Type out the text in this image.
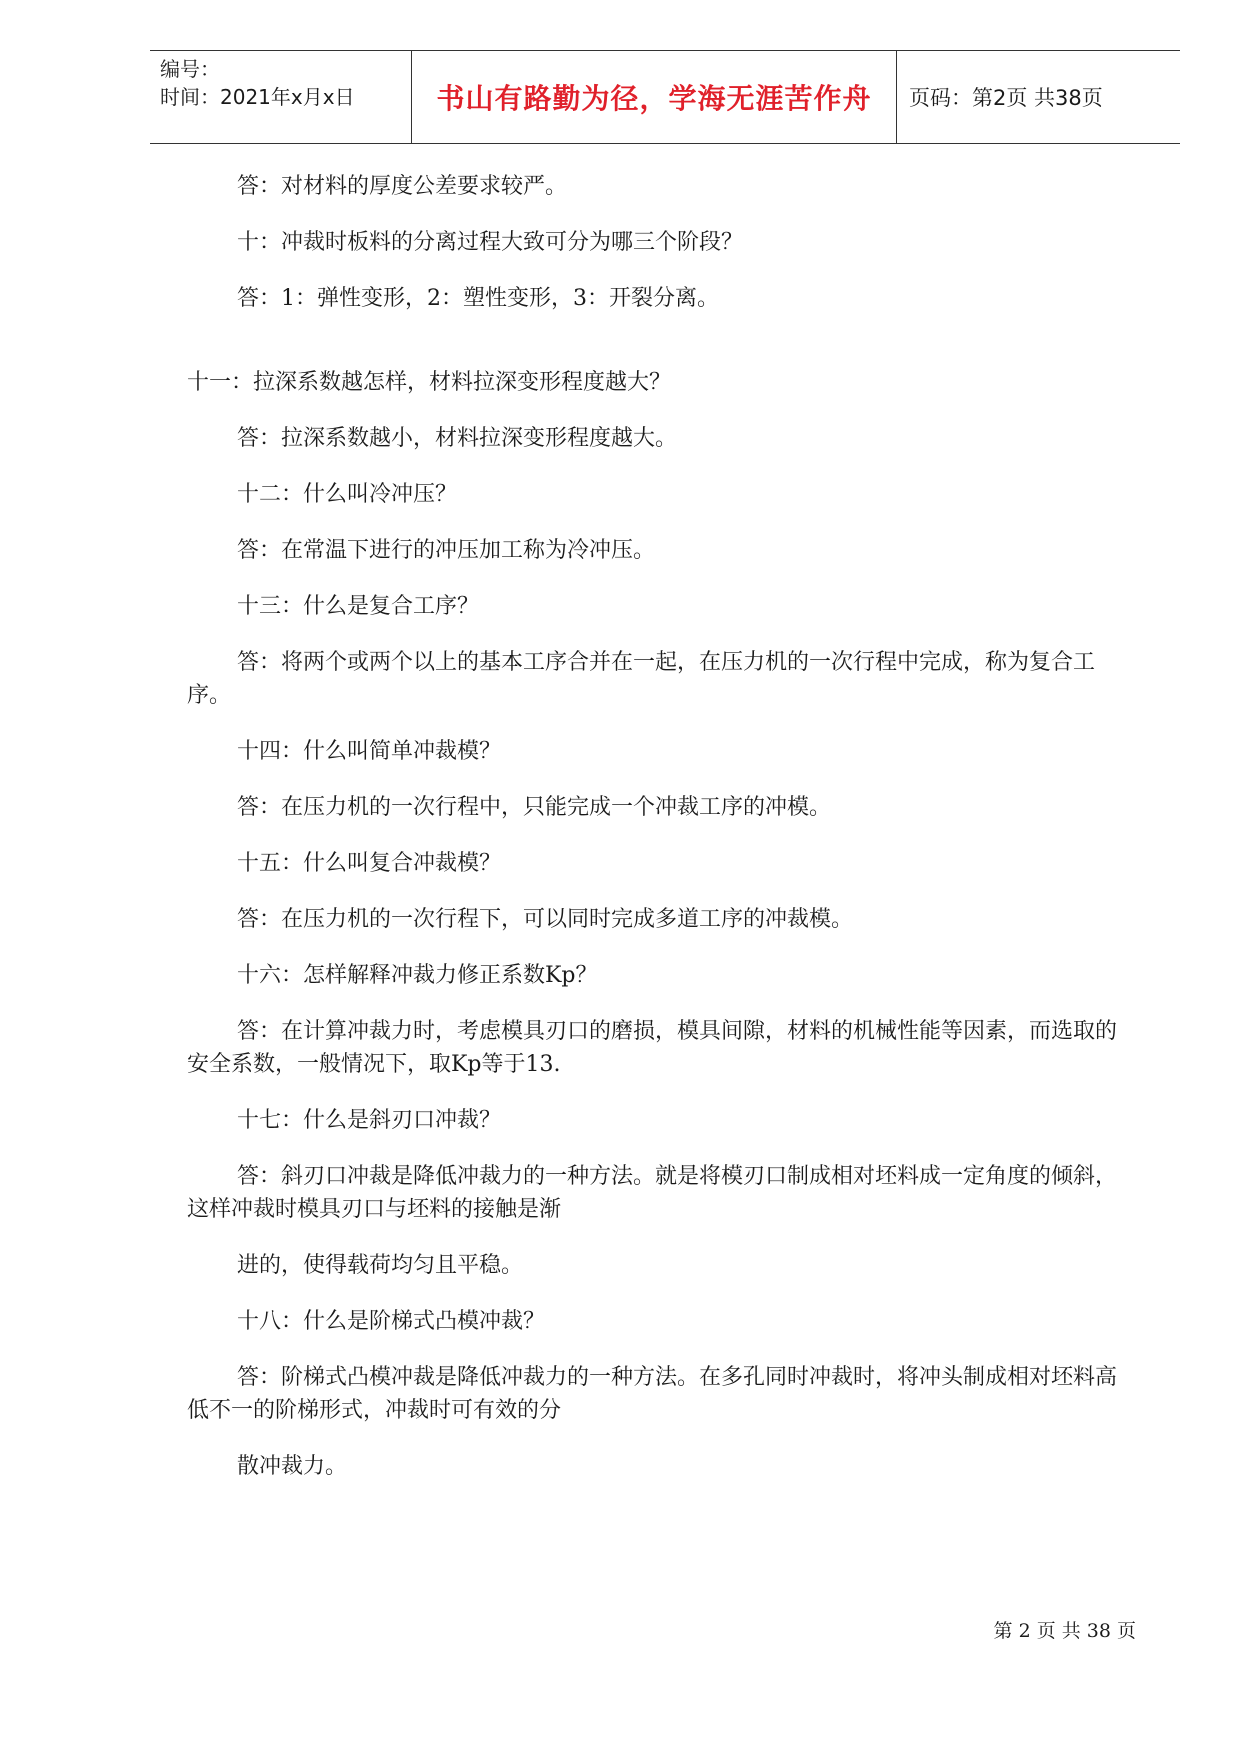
编号：
时间：2021年x月x日	书山有路勤为径，学海无涯苦作舟 页码：第2页 共38页

答：对材料的厚度公差要求较严。

十：冲裁时板料的分离过程大致可分为哪三个阶段？

答：1：弹性变形，2：塑性变形，3：开裂分离。

十一：拉深系数越怎样，材料拉深变形程度越大？

答：拉深系数越小，材料拉深变形程度越大。

十二：什么叫冷冲压？

答：在常温下进行的冲压加工称为冷冲压。

十三：什么是复合工序？

答：将两个或两个以上的基本工序合并在一起，在压力机的一次行程中完成，称为复合工序。

十四：什么叫简单冲裁模？

答：在压力机的一次行程中，只能完成一个冲裁工序的冲模。

十五：什么叫复合冲裁模？

答：在压力机的一次行程下，可以同时完成多道工序的冲裁模。

十六：怎样解释冲裁力修正系数Kp？

答：在计算冲裁力时，考虑模具刃口的磨损，模具间隙，材料的机械性能等因素，而选取的安全系数，一般情况下，取Kp等于13.

十七：什么是斜刃口冲裁？

答：斜刃口冲裁是降低冲裁力的一种方法。就是将模刃口制成相对坯料成一定角度的倾斜，这样冲裁时模具刃口与坯料的接触是渐

进的，使得载荷均匀且平稳。

十八：什么是阶梯式凸模冲裁？

答：阶梯式凸模冲裁是降低冲裁力的一种方法。在多孔同时冲裁时，将冲头制成相对坯料高低不一的阶梯形式，冲裁时可有效的分

散冲裁力。

第 2 页 共 38 页
